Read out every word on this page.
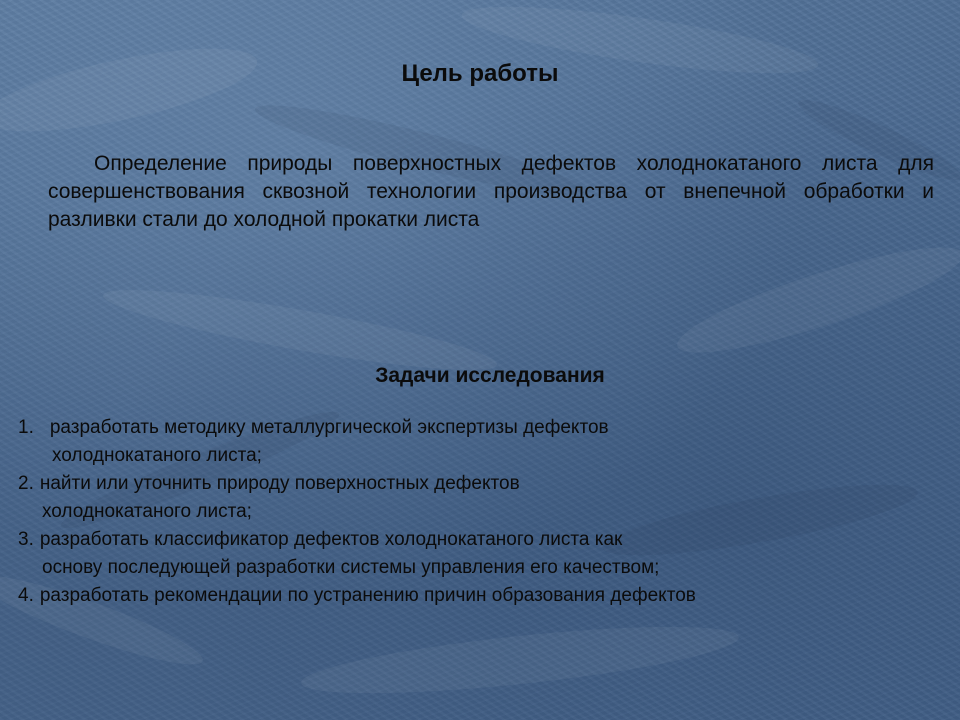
Цель работы
Определение природы поверхностных дефектов холоднокатаного листа для совершенствования сквозной технологии производства от внепечной обработки и разливки стали до холодной прокатки листа
Задачи исследования
1. разработать методику металлургической экспертизы дефектов
холоднокатаного листа;
2. найти или уточнить природу поверхностных дефектов
холоднокатаного листа;
3. разработать классификатор дефектов холоднокатаного листа как
основу последующей разработки системы управления его качеством;
4. разработать рекомендации по устранению причин образования дефектов
